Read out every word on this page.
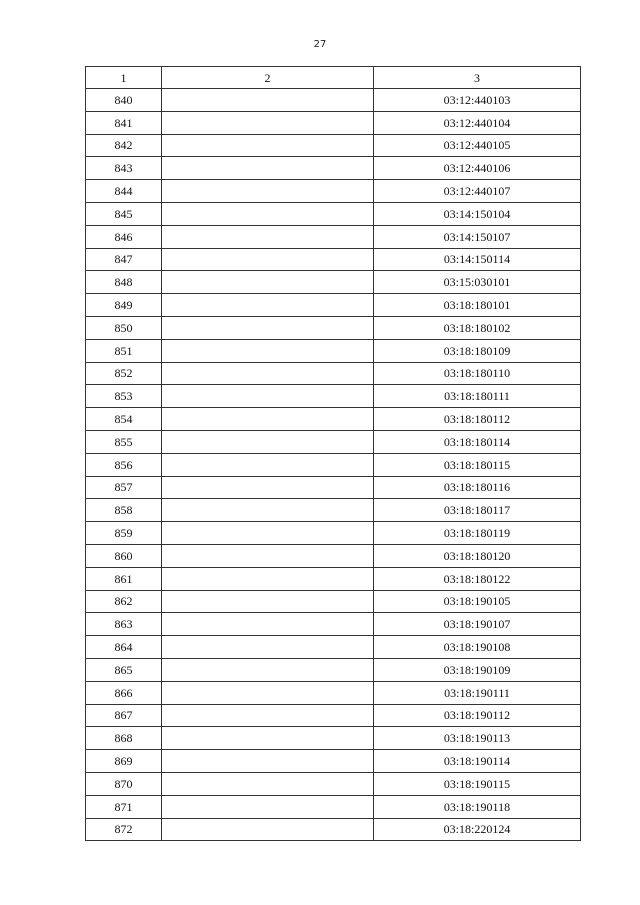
27
1	2	3
840		03:12:440103
841		03:12:440104
842		03:12:440105
843		03:12:440106
844		03:12:440107
845		03:14:150104
846		03:14:150107
847		03:14:150114
848		03:15:030101
849		03:18:180101
850		03:18:180102
851		03:18:180109
852		03:18:180110
853		03:18:180111
854		03:18:180112
855		03:18:180114
856		03:18:180115
857		03:18:180116
858		03:18:180117
859		03:18:180119
860		03:18:180120
861		03:18:180122
862		03:18:190105
863		03:18:190107
864		03:18:190108
865		03:18:190109
866		03:18:190111
867		03:18:190112
868		03:18:190113
869		03:18:190114
870		03:18:190115
871		03:18:190118
872		03:18:220124
